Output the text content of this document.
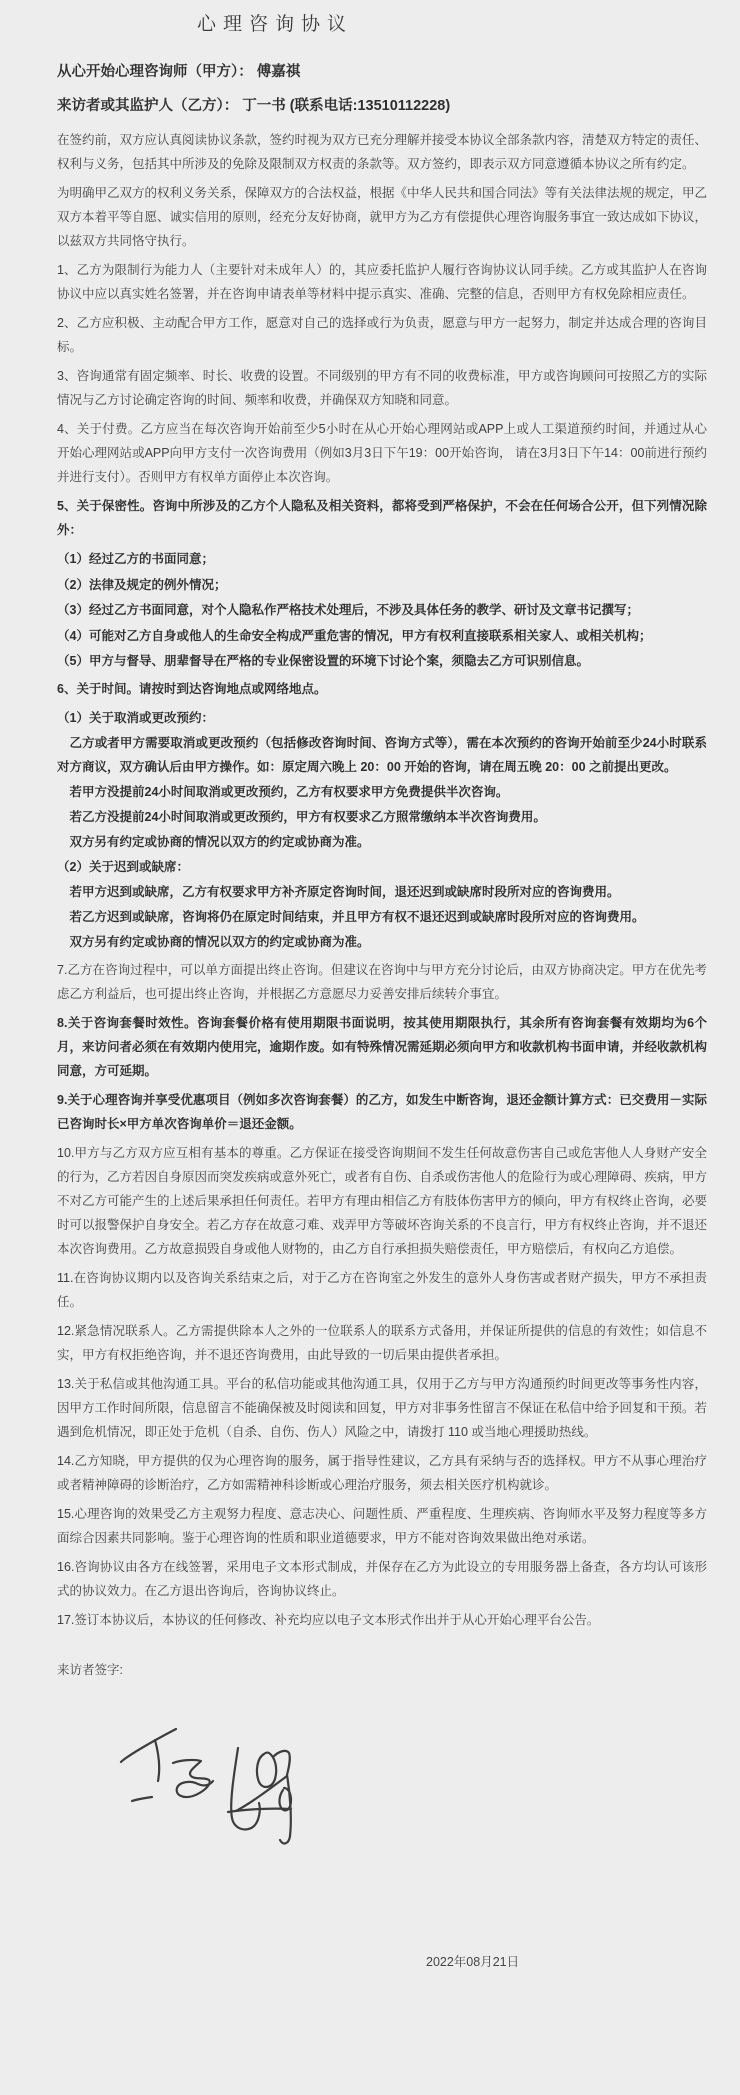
心理咨询协议

从心开始心理咨询师（甲方）： 傅嘉祺

来访者或其监护人（乙方）： 丁一书 (联系电话:13510112228)

在签约前，双方应认真阅读协议条款，签约时视为双方已充分理解并接受本协议全部条款内容，清楚双方特定的责任、权利与义务，包括其中所涉及的免除及限制双方权责的条款等。双方签约，即表示双方同意遵循本协议之所有约定。

为明确甲乙双方的权利义务关系，保障双方的合法权益，根据《中华人民共和国合同法》等有关法律法规的规定，甲乙双方本着平等自愿、诚实信用的原则，经充分友好协商，就甲方为乙方有偿提供心理咨询服务事宜一致达成如下协议，以兹双方共同恪守执行。

1、乙方为限制行为能力人（主要针对未成年人）的，其应委托监护人履行咨询协议认同手续。乙方或其监护人在咨询协议中应以真实姓名签署，并在咨询申请表单等材料中提示真实、准确、完整的信息，否则甲方有权免除相应责任。

2、乙方应积极、主动配合甲方工作，愿意对自己的选择或行为负责，愿意与甲方一起努力，制定并达成合理的咨询目标。

3、咨询通常有固定频率、时长、收费的设置。不同级别的甲方有不同的收费标准，甲方或咨询顾问可按照乙方的实际情况与乙方讨论确定咨询的时间、频率和收费，并确保双方知晓和同意。

4、关于付费。乙方应当在每次咨询开始前至少5小时在从心开始心理网站或APP上或人工渠道预约时间，并通过从心开始心理网站或APP向甲方支付一次咨询费用（例如3月3日下午19：00开始咨询， 请在3月3日下午14：00前进行预约并进行支付）。否则甲方有权单方面停止本次咨询。

5、关于保密性。咨询中所涉及的乙方个人隐私及相关资料，都将受到严格保护，不会在任何场合公开，但下列情况除外：

（1）经过乙方的书面同意；

（2）法律及规定的例外情况；

（3）经过乙方书面同意，对个人隐私作严格技术处理后，不涉及具体任务的教学、研讨及文章书记撰写；

（4）可能对乙方自身或他人的生命安全构成严重危害的情况，甲方有权利直接联系相关家人、或相关机构；

（5）甲方与督导、朋辈督导在严格的专业保密设置的环境下讨论个案，须隐去乙方可识别信息。

6、关于时间。请按时到达咨询地点或网络地点。

（1）关于取消或更改预约：

乙方或者甲方需要取消或更改预约（包括修改咨询时间、咨询方式等），需在本次预约的咨询开始前至少24小时联系对方商议，双方确认后由甲方操作。如：原定周六晚上 20：00 开始的咨询，请在周五晚 20：00 之前提出更改。

若甲方没提前24小时间取消或更改预约，乙方有权要求甲方免费提供半次咨询。

若乙方没提前24小时间取消或更改预约，甲方有权要求乙方照常缴纳本半次咨询费用。

双方另有约定或协商的情况以双方的约定或协商为准。

（2）关于迟到或缺席：

若甲方迟到或缺席，乙方有权要求甲方补齐原定咨询时间，退还迟到或缺席时段所对应的咨询费用。

若乙方迟到或缺席，咨询将仍在原定时间结束，并且甲方有权不退还迟到或缺席时段所对应的咨询费用。

双方另有约定或协商的情况以双方的约定或协商为准。

7.乙方在咨询过程中，可以单方面提出终止咨询。但建议在咨询中与甲方充分讨论后，由双方协商决定。甲方在优先考虑乙方利益后，也可提出终止咨询，并根据乙方意愿尽力妥善安排后续转介事宜。

8.关于咨询套餐时效性。咨询套餐价格有使用期限书面说明，按其使用期限执行，其余所有咨询套餐有效期均为6个月，来访问者必须在有效期内使用完，逾期作废。如有特殊情况需延期必须向甲方和收款机构书面申请，并经收款机构同意，方可延期。

9.关于心理咨询并享受优惠项目（例如多次咨询套餐）的乙方，如发生中断咨询，退还金额计算方式：已交费用－实际已咨询时长×甲方单次咨询单价＝退还金额。

10.甲方与乙方双方应互相有基本的尊重。乙方保证在接受咨询期间不发生任何故意伤害自己或危害他人人身财产安全的行为，乙方若因自身原因而突发疾病或意外死亡，或者有自伤、自杀或伤害他人的危险行为或心理障碍、疾病，甲方不对乙方可能产生的上述后果承担任何责任。若甲方有理由相信乙方有肢体伤害甲方的倾向，甲方有权终止咨询，必要时可以报警保护自身安全。若乙方存在故意刁难、戏弄甲方等破坏咨询关系的不良言行，甲方有权终止咨询，并不退还本次咨询费用。乙方故意损毁自身或他人财物的，由乙方自行承担损失赔偿责任，甲方赔偿后，有权向乙方追偿。

11.在咨询协议期内以及咨询关系结束之后，对于乙方在咨询室之外发生的意外人身伤害或者财产损失，甲方不承担责任。

12.紧急情况联系人。乙方需提供除本人之外的一位联系人的联系方式备用，并保证所提供的信息的有效性；如信息不实，甲方有权拒绝咨询，并不退还咨询费用，由此导致的一切后果由提供者承担。

13.关于私信或其他沟通工具。平台的私信功能或其他沟通工具，仅用于乙方与甲方沟通预约时间更改等事务性内容，因甲方工作时间所限，信息留言不能确保被及时阅读和回复，甲方对非事务性留言不保证在私信中给予回复和干预。若遇到危机情况，即正处于危机（自杀、自伤、伤人）风险之中，请拨打 110 或当地心理援助热线。

14.乙方知晓，甲方提供的仅为心理咨询的服务，属于指导性建议，乙方具有采纳与否的选择权。甲方不从事心理治疗或者精神障碍的诊断治疗，乙方如需精神科诊断或心理治疗服务，须去相关医疗机构就诊。

15.心理咨询的效果受乙方主观努力程度、意志决心、问题性质、严重程度、生理疾病、咨询师水平及努力程度等多方面综合因素共同影响。鉴于心理咨询的性质和职业道德要求，甲方不能对咨询效果做出绝对承诺。

16.咨询协议由各方在线签署，采用电子文本形式制成，并保存在乙方为此设立的专用服务器上备查，各方均认可该形式的协议效力。在乙方退出咨询后，咨询协议终止。

17.签订本协议后，本协议的任何修改、补充均应以电子文本形式作出并于从心开始心理平台公告。

来访者签字:

2022年08月21日
